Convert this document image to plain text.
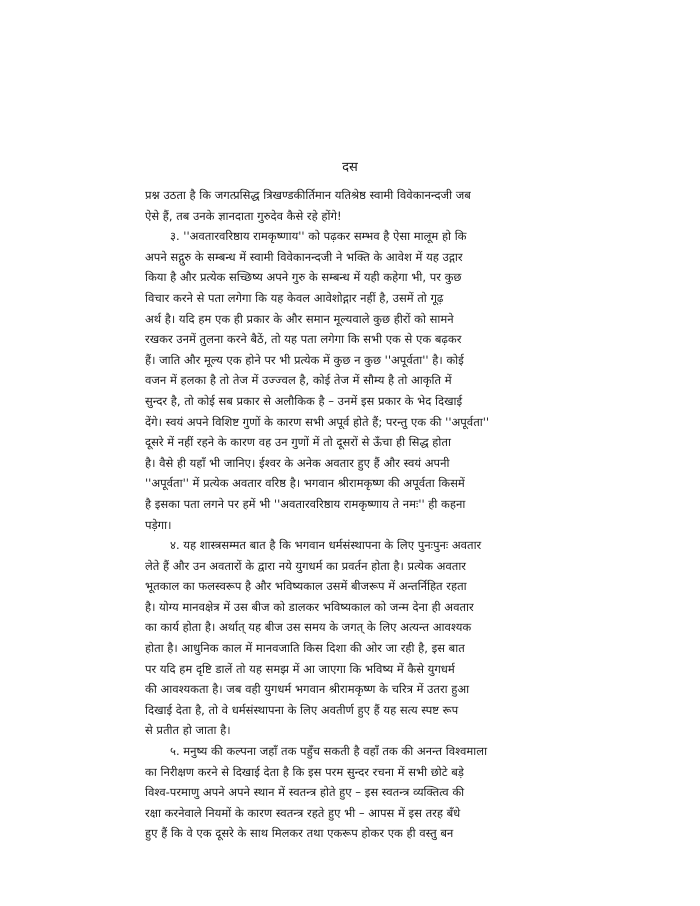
दस

प्रश्न उठता है कि जगत्प्रसिद्ध त्रिखण्डकीर्तिमान यतिश्रेष्ठ स्वामी विवेकानन्दजी जब
ऐसे हैं, तब उनके ज्ञानदाता गुरुदेव कैसे रहे होंगे!
३. ''अवतारवरिष्ठाय रामकृष्णाय'' को पढ़कर सम्भव है ऐसा मालूम हो कि
अपने सद्गुरु के सम्बन्ध में स्वामी विवेकानन्दजी ने भक्ति के आवेश में यह उद्गार
किया है और प्रत्येक सच्छिष्य अपने गुरु के सम्बन्ध में यही कहेगा भी, पर कुछ
विचार करने से पता लगेगा कि यह केवल आवेशोद्गार नहीं है, उसमें तो गूढ़
अर्थ है। यदि हम एक ही प्रकार के और समान मूल्यवाले कुछ हीरों को सामने
रखकर उनमें तुलना करने बैठें, तो यह पता लगेगा कि सभी एक से एक बढ़कर
हैं। जाति और मूल्य एक होने पर भी प्रत्येक में कुछ न कुछ ''अपूर्वता'' है। कोई
वजन में हलका है तो तेज में उज्ज्वल है, कोई तेज में सौम्य है तो आकृति में
सुन्दर है, तो कोई सब प्रकार से अलौकिक है – उनमें इस प्रकार के भेद दिखाई
देंगे। स्वयं अपने विशिष्ट गुणों के कारण सभी अपूर्व होते हैं; परन्तु एक की ''अपूर्वता''
दूसरे में नहीं रहने के कारण वह उन गुणों में तो दूसरों से ऊँचा ही सिद्ध होता
है। वैसे ही यहाँ भी जानिए। ईश्वर के अनेक अवतार हुए हैं और स्वयं अपनी
''अपूर्वता'' में प्रत्येक अवतार वरिष्ठ है। भगवान श्रीरामकृष्ण की अपूर्वता किसमें
है इसका पता लगने पर हमें भी ''अवतारवरिष्ठाय रामकृष्णाय ते नमः'' ही कहना
पड़ेगा।
४. यह शास्त्रसम्मत बात है कि भगवान धर्मसंस्थापना के लिए पुनःपुनः अवतार
लेते हैं और उन अवतारों के द्वारा नये युगधर्म का प्रवर्तन होता है। प्रत्येक अवतार
भूतकाल का फलस्वरूप है और भविष्यकाल उसमें बीजरूप में अन्तर्निहित रहता
है। योग्य मानवक्षेत्र में उस बीज को डालकर भविष्यकाल को जन्म देना ही अवतार
का कार्य होता है। अर्थात् यह बीज उस समय के जगत् के लिए अत्यन्त आवश्यक
होता है। आधुनिक काल में मानवजाति किस दिशा की ओर जा रही है, इस बात
पर यदि हम दृष्टि डालें तो यह समझ में आ जाएगा कि भविष्य में कैसे युगधर्म
की आवश्यकता है। जब वही युगधर्म भगवान श्रीरामकृष्ण के चरित्र में उतरा हुआ
दिखाई देता है, तो वे धर्मसंस्थापना के लिए अवतीर्ण हुए हैं यह सत्य स्पष्ट रूप
से प्रतीत हो जाता है।
५. मनुष्य की कल्पना जहाँ तक पहुँच सकती है वहाँ तक की अनन्त विश्वमाला
का निरीक्षण करने से दिखाई देता है कि इस परम सुन्दर रचना में सभी छोटे बड़े
विश्व-परमाणु अपने अपने स्थान में स्वतन्त्र होते हुए – इस स्वतन्त्र व्यक्तित्व की
रक्षा करनेवाले नियमों के कारण स्वतन्त्र रहते हुए भी – आपस में इस तरह बँधे
हुए हैं कि वे एक दूसरे के साथ मिलकर तथा एकरूप होकर एक ही वस्तु बन
